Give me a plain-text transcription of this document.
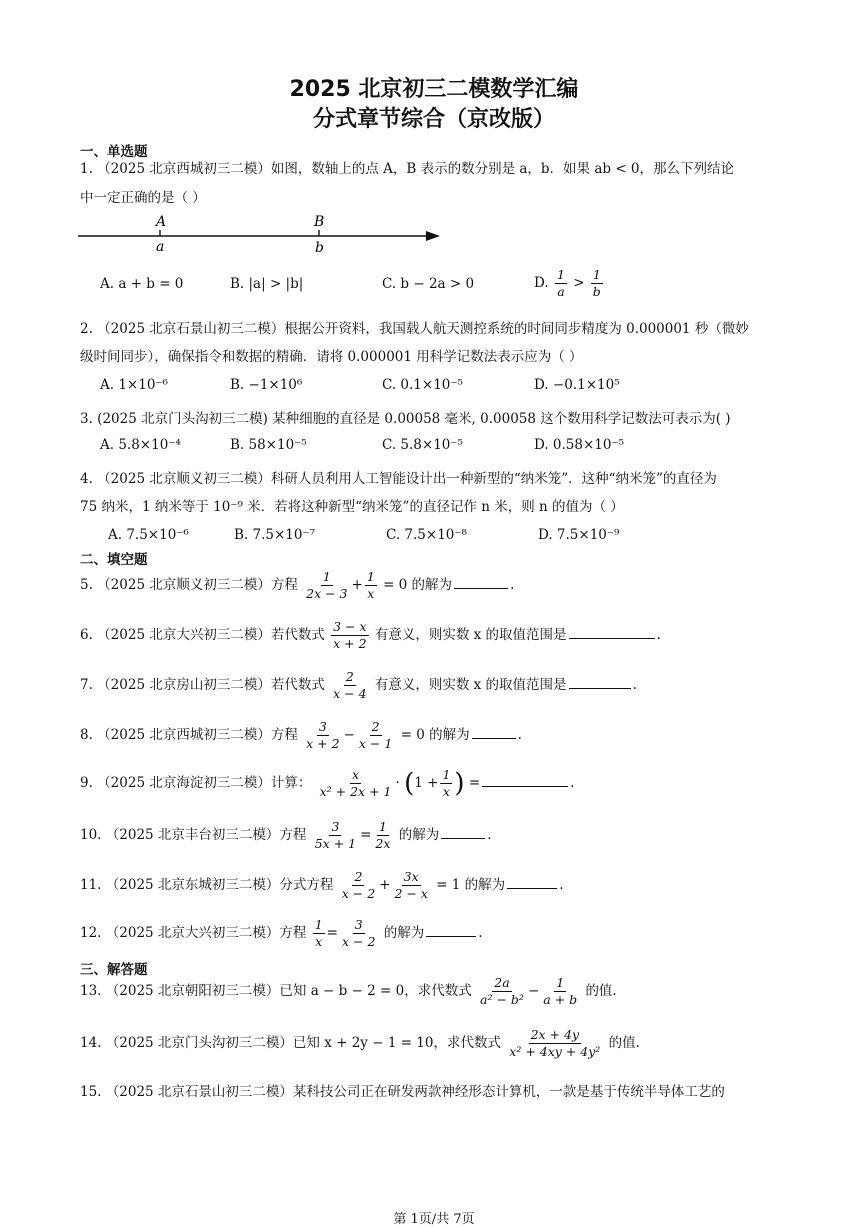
2025 北京初三二模数学汇编
分式章节综合（京改版）
一、单选题
1. （2025 北京西城初三二模）如图，数轴上的点 A，B 表示的数分别是 a，b．如果 ab < 0，那么下列结论
中一定正确的是（ ）
A	B
a	b
A. a + b = 0	B. |a| > |b|	C. b − 2a > 0	D. $\frac{1}{a} > \frac{1}{b}$
2. （2025 北京石景山初三二模）根据公开资料，我国载人航天测控系统的时间同步精度为 0.000001 秒（微妙
级时间同步），确保指令和数据的精确．请将 0.000001 用科学记数法表示应为（ ）
A. 1×10⁻⁶	B. −1×10⁶	C. 0.1×10⁻⁵	D. −0.1×10⁵
3. (2025 北京门头沟初三二模) 某种细胞的直径是 0.00058 毫米, 0.00058 这个数用科学记数法可表示为( )
A. 5.8×10⁻⁴	B. 58×10⁻⁵	C. 5.8×10⁻⁵	D. 0.58×10⁻⁵
4. （2025 北京顺义初三二模）科研人员利用人工智能设计出一种新型的“纳米笼”．这种“纳米笼”的直径为
75 纳米，1 纳米等于 10⁻⁹ 米．若将这种新型“纳米笼”的直径记作 n 米，则 n 的值为（ ）
A. 7.5×10⁻⁶	B. 7.5×10⁻⁷	C. 7.5×10⁻⁸	D. 7.5×10⁻⁹
二、填空题
5. （2025 北京顺义初三二模）方程 $\frac{1}{2x - 3} + \frac{1}{x} = 0$ 的解为	.
6. （2025 北京大兴初三二模）若代数式 $\frac{3 - x}{x + 2}$ 有意义，则实数 x 的取值范围是	.
7. （2025 北京房山初三二模）若代数式 $\frac{2}{x - 4}$ 有意义，则实数 x 的取值范围是	.
8. （2025 北京西城初三二模）方程 $\frac{3}{x + 2} - \frac{2}{x - 1} = 0$ 的解为	.
9. （2025 北京海淀初三二模）计算： $\frac{x}{\text{x² + 2x + 1}} \cdot (1 + \frac{1}{x}$ ) =	.
10. （2025 北京丰台初三二模）方程 $\frac{3}{5x + 1} = \frac{1}{2x}$ 的解为	.
11. （2025 北京东城初三二模）分式方程 $\frac{2}{x - 2} + \frac{3x}{2 - x} = 1$ 的解为	.
12. （2025 北京大兴初三二模）方程 $\frac{1}{x} = \frac{3}{x - 2}$ 的解为	.
三、解答题
13. （2025 北京朝阳初三二模）已知 a − b − 2 = 0，求代数式 $\frac{2a}{\text{a² − b²}} - \frac{1}{a + b}$ 的值.
14. （2025 北京门头沟初三二模）已知 x + 2y − 1 = 10，求代数式 $\frac{2x + 4y}{\text{x² + 4xy + 4y²}}$ 的值.
15. （2025 北京石景山初三二模）某科技公司正在研发两款神经形态计算机，一款是基于传统半导体工艺的
第 1页/共 7页
